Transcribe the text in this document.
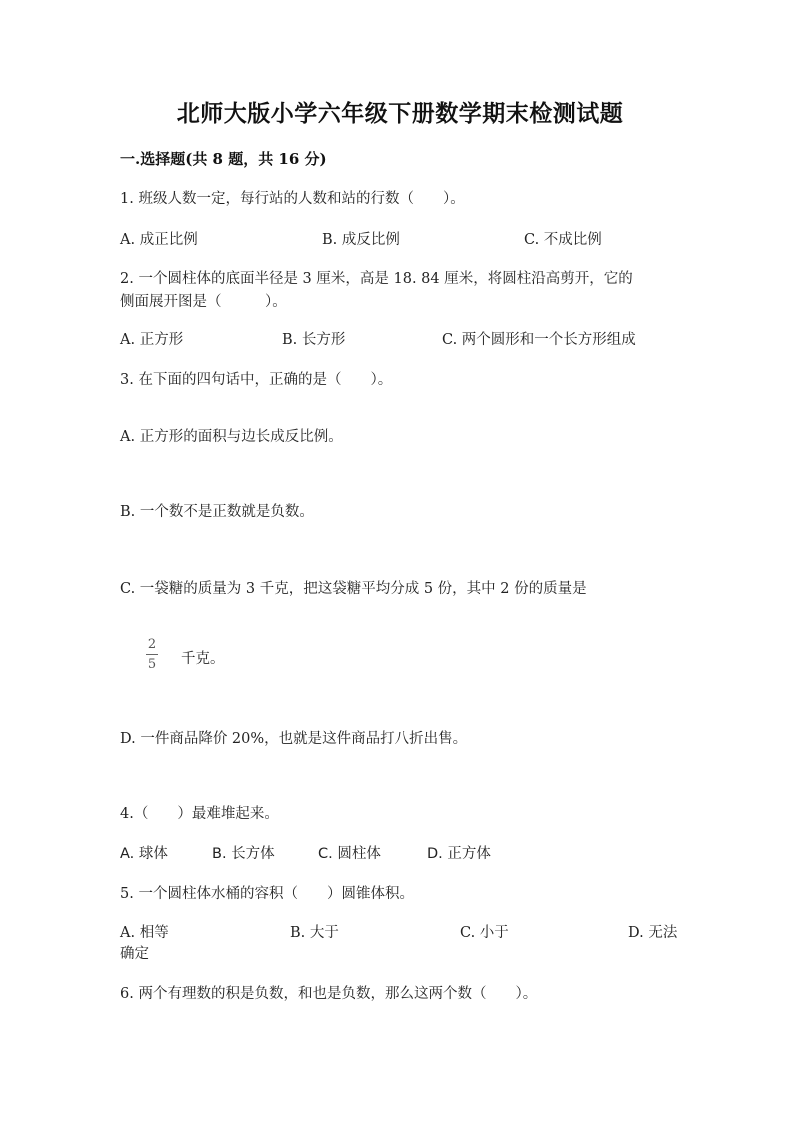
北师大版小学六年级下册数学期末检测试题
一.选择题(共 8 题，共 16 分)
1. 班级人数一定，每行站的人数和站的行数（　　）。
A. 成正比例	B. 成反比例	C. 不成比例
2. 一个圆柱体的底面半径是 3 厘米，高是 18. 84 厘米，将圆柱沿高剪开，它的
侧面展开图是（　　　）。
A. 正方形	B. 长方形	C. 两个圆形和一个长方形组成
3. 在下面的四句话中，正确的是（　　）。
A. 正方形的面积与边长成反比例。
B. 一个数不是正数就是负数。
C. 一袋糖的质量为 3 千克，把这袋糖平均分成 5 份，其中 2 份的质量是
2
5 千克。
D. 一件商品降价 20%，也就是这件商品打八折出售。
4.（　　）最难堆起来。
A. 球体	B. 长方体	C. 圆柱体	D. 正方体
5. 一个圆柱体水桶的容积（　　）圆锥体积。
A. 相等	B. 大于	C. 小于	D. 无法
确定
6. 两个有理数的积是负数，和也是负数，那么这两个数（　　）。
